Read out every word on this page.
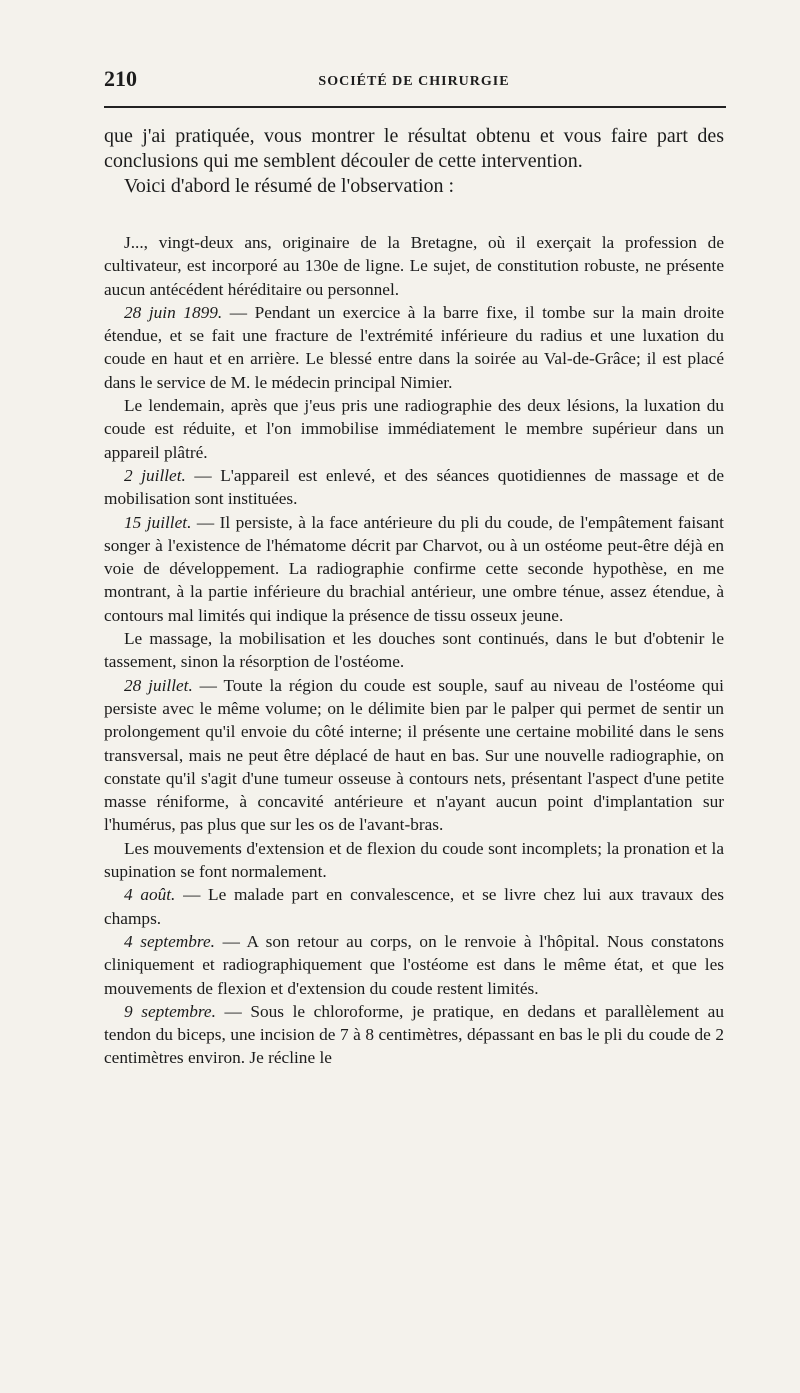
210	SOCIÉTÉ DE CHIRURGIE

que j'ai pratiquée, vous montrer le résultat obtenu et vous faire part des conclusions qui me semblent découler de cette intervention.

Voici d'abord le résumé de l'observation :

J..., vingt-deux ans, originaire de la Bretagne, où il exerçait la profession de cultivateur, est incorporé au 130e de ligne. Le sujet, de constitution robuste, ne présente aucun antécédent héréditaire ou personnel.

28 juin 1899. — Pendant un exercice à la barre fixe, il tombe sur la main droite étendue, et se fait une fracture de l'extrémité inférieure du radius et une luxation du coude en haut et en arrière. Le blessé entre dans la soirée au Val-de-Grâce; il est placé dans le service de M. le médecin principal Nimier.

Le lendemain, après que j'eus pris une radiographie des deux lésions, la luxation du coude est réduite, et l'on immobilise immédiatement le membre supérieur dans un appareil plâtré.

2 juillet. — L'appareil est enlevé, et des séances quotidiennes de massage et de mobilisation sont instituées.

15 juillet. — Il persiste, à la face antérieure du pli du coude, de l'empâtement faisant songer à l'existence de l'hématome décrit par Charvot, ou à un ostéome peut-être déjà en voie de développement. La radiographie confirme cette seconde hypothèse, en me montrant, à la partie inférieure du brachial antérieur, une ombre ténue, assez étendue, à contours mal limités qui indique la présence de tissu osseux jeune.

Le massage, la mobilisation et les douches sont continués, dans le but d'obtenir le tassement, sinon la résorption de l'ostéome.

28 juillet. — Toute la région du coude est souple, sauf au niveau de l'ostéome qui persiste avec le même volume; on le délimite bien par le palper qui permet de sentir un prolongement qu'il envoie du côté interne; il présente une certaine mobilité dans le sens transversal, mais ne peut être déplacé de haut en bas. Sur une nouvelle radiographie, on constate qu'il s'agit d'une tumeur osseuse à contours nets, présentant l'aspect d'une petite masse réniforme, à concavité antérieure et n'ayant aucun point d'implantation sur l'humérus, pas plus que sur les os de l'avant-bras.

Les mouvements d'extension et de flexion du coude sont incomplets; la pronation et la supination se font normalement.

4 août. — Le malade part en convalescence, et se livre chez lui aux travaux des champs.

4 septembre. — A son retour au corps, on le renvoie à l'hôpital. Nous constatons cliniquement et radiographiquement que l'ostéome est dans le même état, et que les mouvements de flexion et d'extension du coude restent limités.

9 septembre. — Sous le chloroforme, je pratique, en dedans et parallèlement au tendon du biceps, une incision de 7 à 8 centimètres, dépassant en bas le pli du coude de 2 centimètres environ. Je récline le
